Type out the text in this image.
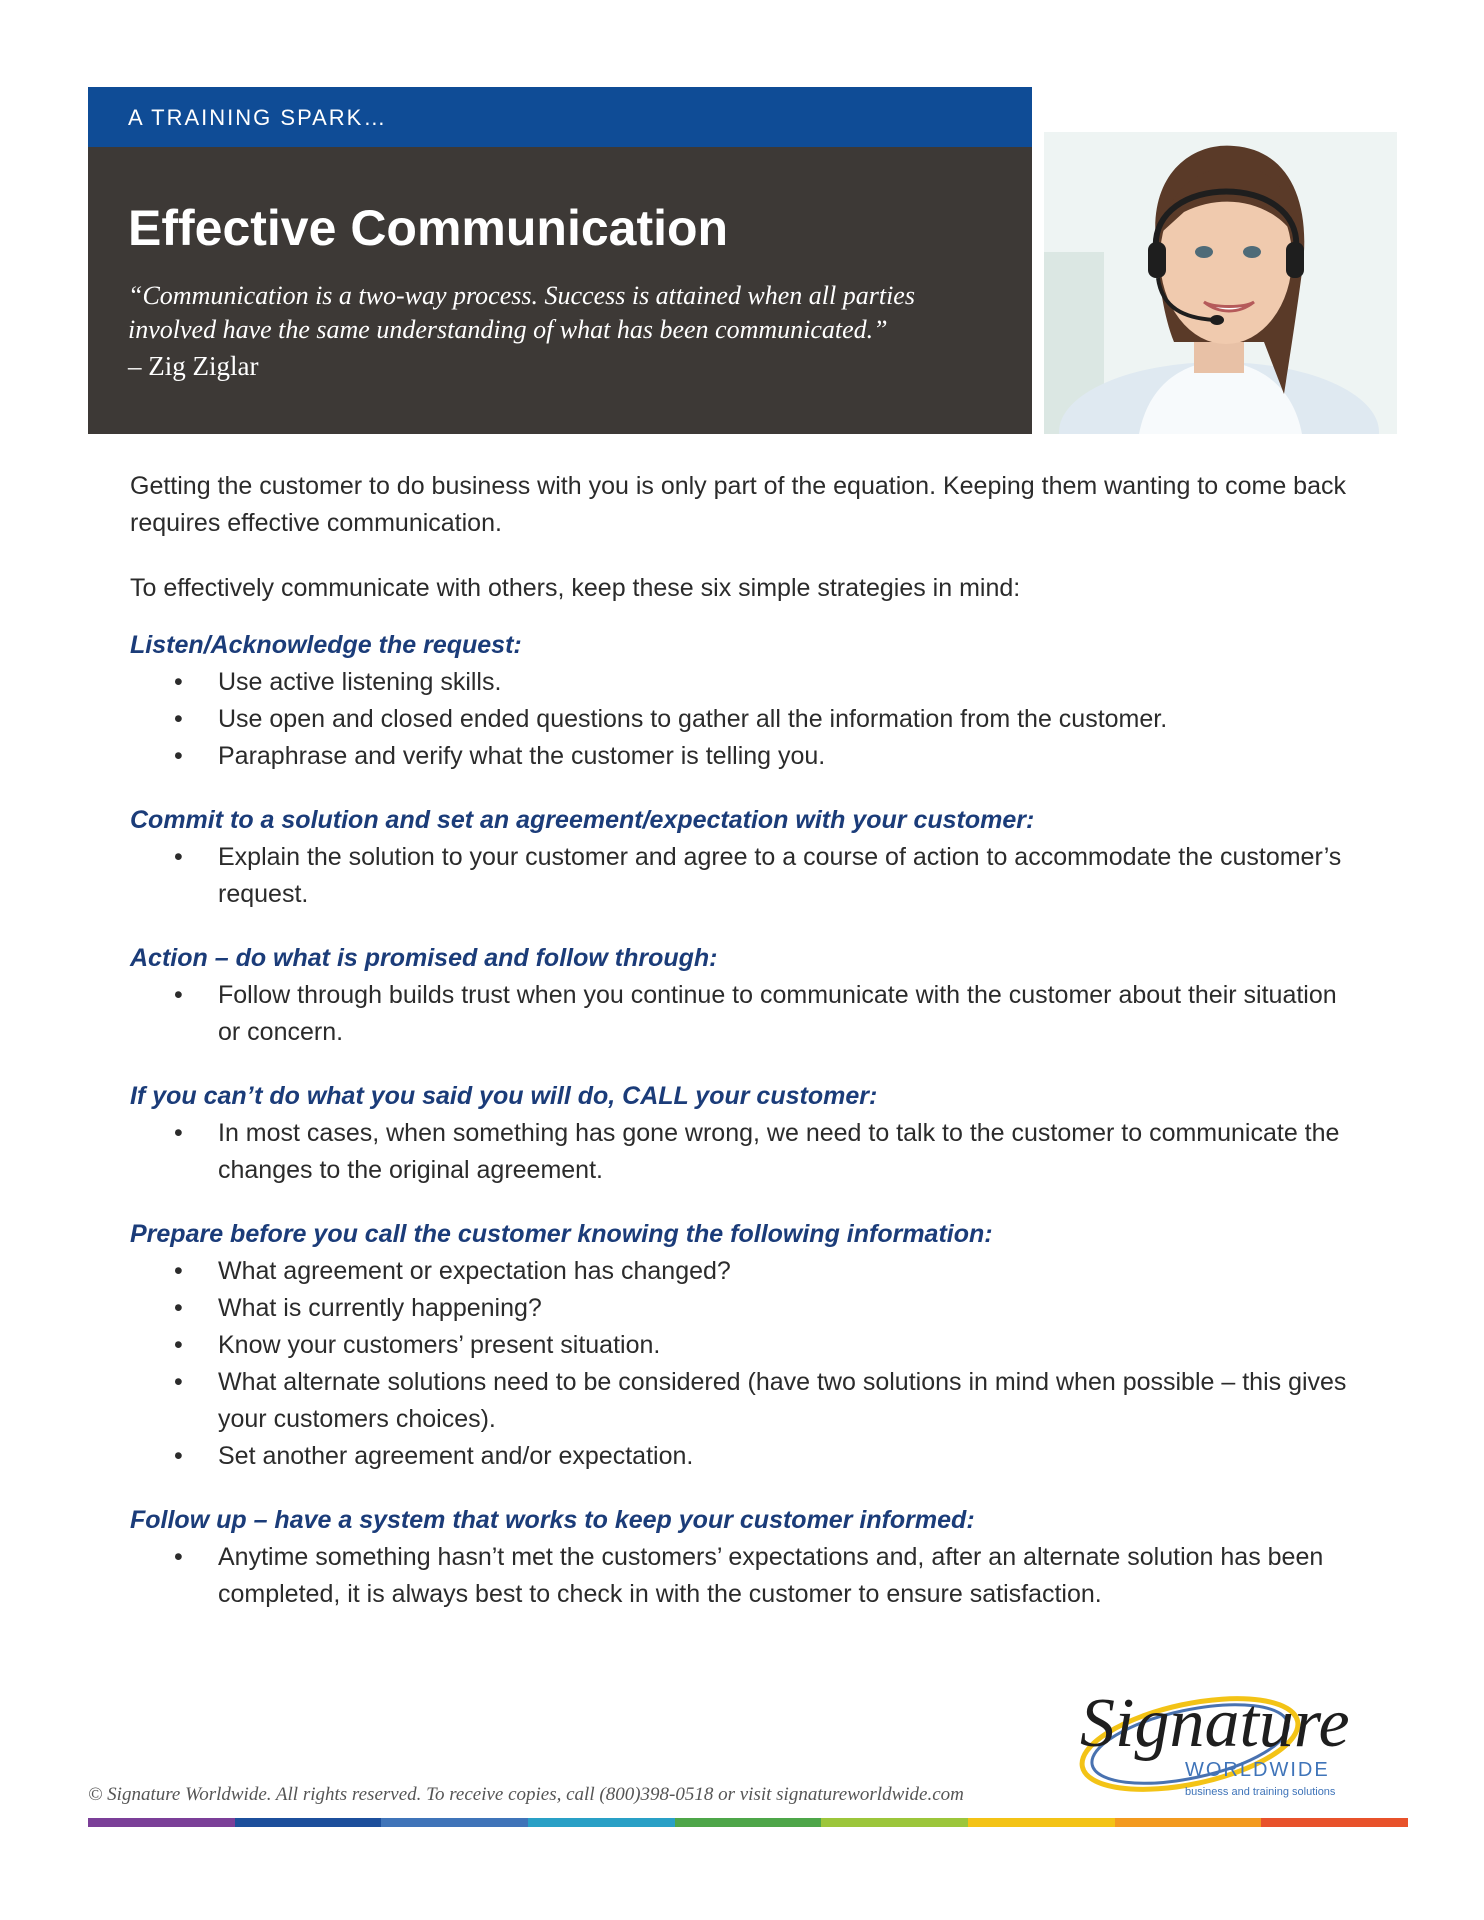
A TRAINING SPARK…
Effective Communication
“Communication is a two-way process. Success is attained when all parties involved have the same understanding of what has been communicated.”
– Zig Ziglar

Getting the customer to do business with you is only part of the equation. Keeping them wanting to come back requires effective communication.

To effectively communicate with others, keep these six simple strategies in mind:

Listen/Acknowledge the request:
• Use active listening skills.
• Use open and closed ended questions to gather all the information from the customer.
• Paraphrase and verify what the customer is telling you.
Commit to a solution and set an agreement/expectation with your customer:
• Explain the solution to your customer and agree to a course of action to accommodate the customer’s request.
Action – do what is promised and follow through:
• Follow through builds trust when you continue to communicate with the customer about their situation or concern.
If you can’t do what you said you will do, CALL your customer:
• In most cases, when something has gone wrong, we need to talk to the customer to communicate the changes to the original agreement.
Prepare before you call the customer knowing the following information:
• What agreement or expectation has changed?
• What is currently happening?
• Know your customers’ present situation.
• What alternate solutions need to be considered (have two solutions in mind when possible – this gives your customers choices).
• Set another agreement and/or expectation.
Follow up – have a system that works to keep your customer informed:
• Anytime something hasn’t met the customers’ expectations and, after an alternate solution has been completed, it is always best to check in with the customer to ensure satisfaction.
Signature
WORLDWIDE
business and training solutions
© Signature Worldwide. All rights reserved. To receive copies, call (800)398-0518 or visit signatureworldwide.com
